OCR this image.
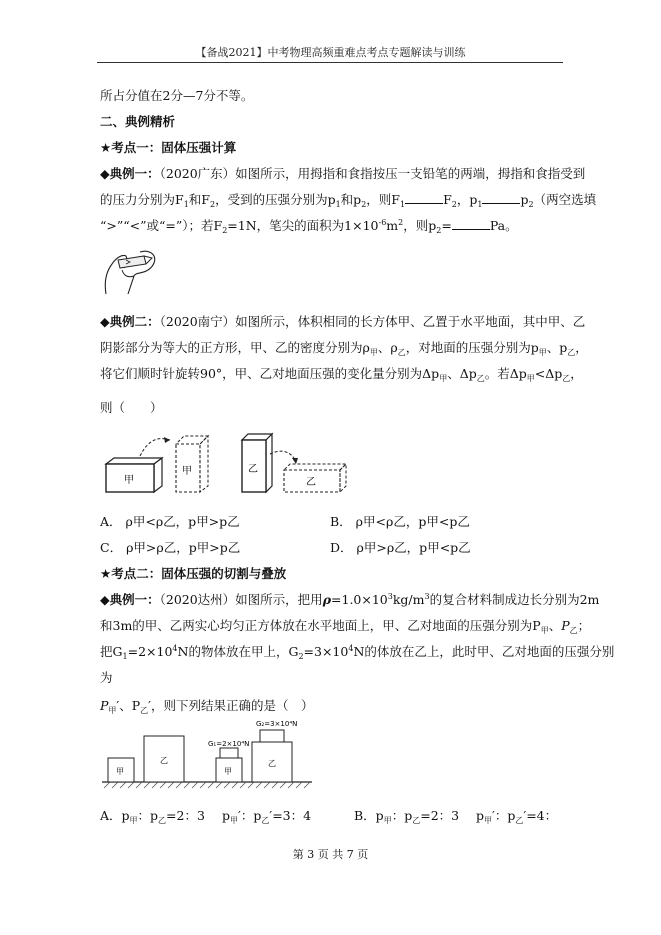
【备战2021】中考物理高频重难点考点专题解读与训练
所占分值在2分—7分不等。
二、典例精析
★考点一：固体压强计算
◆典例一：（2020广东）如图所示，用拇指和食指按压一支铅笔的两端，拇指和食指受到
的压力分别为$F_1$和$F_2$，受到的压强分别为$p_1$和$p_2$，则$F_1$	$F_2$，$p_1$	$p_2$（两空选填
“>”“<”或“=”）；若$F_2=1N$，笔尖的面积为$1\times 10^{-6}m^2$，则$p_2=$	Pa。
◆典例二：（2020南宁）如图所示，体积相同的长方体甲、乙置于水平地面，其中甲、乙
阴影部分为等大的正方形，甲、乙的密度分别为$\rho_甲$、$\rho_乙$，对地面的压强分别为$p_甲$、$p_乙$，
将它们顺时针旋转90°，甲、乙对地面压强的变化量分别为$\Delta p_甲$、$\Delta p_乙$。若$\Delta p_甲<\Delta p_乙$，
则（　　）
甲
甲	乙
乙
A． ρ甲<ρ乙，p甲>p乙	B． ρ甲<ρ乙，p甲<p乙
C． ρ甲>ρ乙，p甲>p乙	D． ρ甲>ρ乙，p甲<p乙
★考点二：固体压强的切割与叠放
◆典例一：（2020达州）如图所示，把用$\rho=1.0\times 10^3kg/m^3$的复合材料制成边长分别为2m
和3m的甲、乙两实心均匀正方体放在水平地面上，甲、乙对地面的压强分别为$P_甲$、$P_乙$；
把$G_1=2\times 10^4N$的物体放在甲上，$G_2=3\times 10^4N$的体放在乙上，此时甲、乙对地面的压强分别
为
$P_甲'$、$P_乙'$，则下列结果正确的是（　）
甲
乙
甲
G₁=2×10⁴N
乙
G₂=3×10⁴N
A．$p_甲$：$p_乙=2$：3 $p_甲'$：$p_乙'=3$：4	B．$p_甲$：$p_乙=2$：3 $p_甲'$：$p_乙'=4$：
第 3 页 共 7 页
